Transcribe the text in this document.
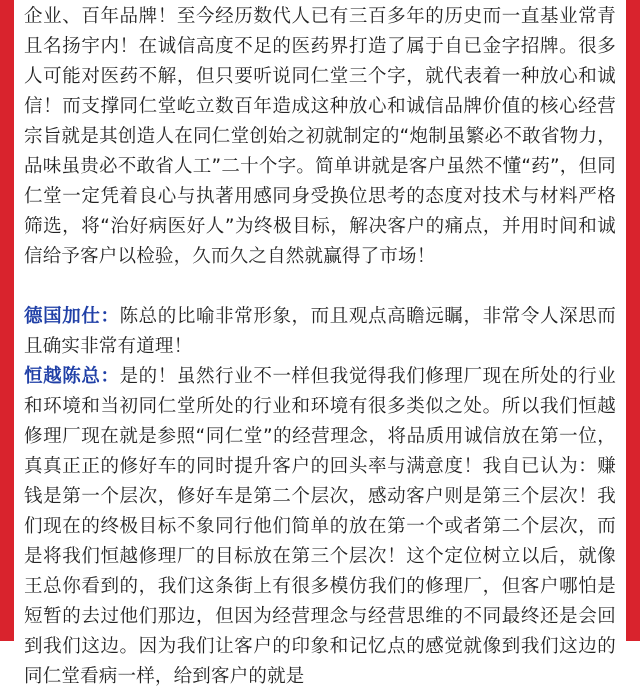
企业、百年品牌！至今经历数代人已有三百多年的历史而一直基业常青且名扬宇内！在诚信高度不足的医药界打造了属于自已金字招牌。很多人可能对医药不解，但只要听说同仁堂三个字，就代表着一种放心和诚信！而支撑同仁堂屹立数百年造成这种放心和诚信品牌价值的核心经营宗旨就是其创造人在同仁堂创始之初就制定的“炮制虽繁必不敢省物力，品味虽贵必不敢省人工”二十个字。简单讲就是客户虽然不懂“药”，但同仁堂一定凭着良心与执著用感同身受换位思考的态度对技术与材料严格筛选，将“治好病医好人”为终极目标，解决客户的痛点，并用时间和诚信给予客户以检验，久而久之自然就赢得了市场！

德国加仕：陈总的比喻非常形象，而且观点高瞻远瞩，非常令人深思而且确实非常有道理！

恒越陈总：是的！虽然行业不一样但我觉得我们修理厂现在所处的行业和环境和当初同仁堂所处的行业和环境有很多类似之处。所以我们恒越修理厂现在就是参照“同仁堂”的经营理念，将品质用诚信放在第一位，真真正正的修好车的同时提升客户的回头率与满意度！我自已认为：赚钱是第一个层次，修好车是第二个层次，感动客户则是第三个层次！我们现在的终极目标不象同行他们简单的放在第一个或者第二个层次，而是将我们恒越修理厂的目标放在第三个层次！这个定位树立以后，就像王总你看到的，我们这条街上有很多模仿我们的修理厂，但客户哪怕是短暂的去过他们那边，但因为经营理念与经营思维的不同最终还是会回到我们这边。因为我们让客户的印象和记忆点的感觉就像到我们这边的同仁堂看病一样，给到客户的就是
